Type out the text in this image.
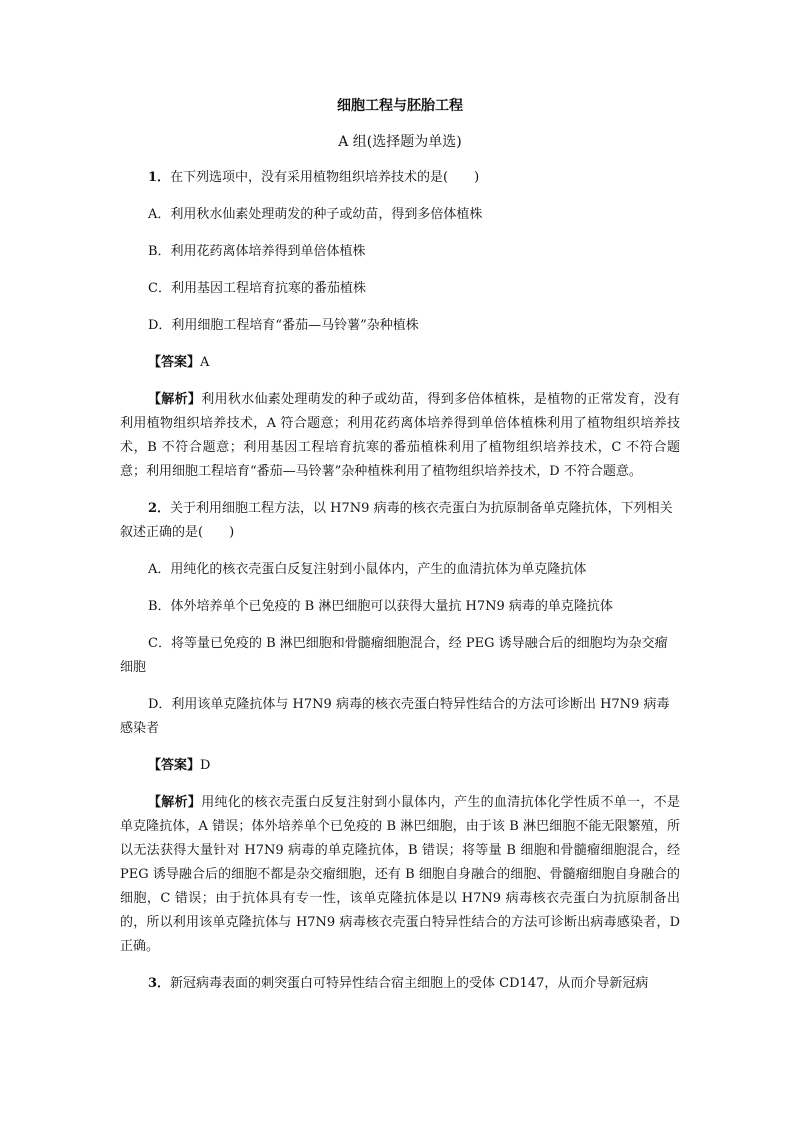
细胞工程与胚胎工程
A 组(选择题为单选)
1．在下列选项中，没有采用植物组织培养技术的是(　　)
A．利用秋水仙素处理萌发的种子或幼苗，得到多倍体植株
B．利用花药离体培养得到单倍体植株
C．利用基因工程培育抗寒的番茄植株
D．利用细胞工程培育“番茄—马铃薯”杂种植株
【答案】A
【解析】利用秋水仙素处理萌发的种子或幼苗，得到多倍体植株，是植物的正常发育，没有利用植物组织培养技术，A 符合题意；利用花药离体培养得到单倍体植株利用了植物组织培养技术，B 不符合题意；利用基因工程培育抗寒的番茄植株利用了植物组织培养技术，C 不符合题意；利用细胞工程培育“番茄—马铃薯”杂种植株利用了植物组织培养技术，D 不符合题意。
2．关于利用细胞工程方法，以 H7N9 病毒的核衣壳蛋白为抗原制备单克隆抗体，下列相关叙述正确的是(　　)
A．用纯化的核衣壳蛋白反复注射到小鼠体内，产生的血清抗体为单克隆抗体
B．体外培养单个已免疫的 B 淋巴细胞可以获得大量抗 H7N9 病毒的单克隆抗体
C．将等量已免疫的 B 淋巴细胞和骨髓瘤细胞混合，经 PEG 诱导融合后的细胞均为杂交瘤细胞
D．利用该单克隆抗体与 H7N9 病毒的核衣壳蛋白特异性结合的方法可诊断出 H7N9 病毒感染者
【答案】D
【解析】用纯化的核衣壳蛋白反复注射到小鼠体内，产生的血清抗体化学性质不单一，不是单克隆抗体，A 错误；体外培养单个已免疫的 B 淋巴细胞，由于该 B 淋巴细胞不能无限繁殖，所以无法获得大量针对 H7N9 病毒的单克隆抗体，B 错误；将等量 B 细胞和骨髓瘤细胞混合，经 PEG 诱导融合后的细胞不都是杂交瘤细胞，还有 B 细胞自身融合的细胞、骨髓瘤细胞自身融合的细胞，C 错误；由于抗体具有专一性，该单克隆抗体是以 H7N9 病毒核衣壳蛋白为抗原制备出的，所以利用该单克隆抗体与 H7N9 病毒核衣壳蛋白特异性结合的方法可诊断出病毒感染者，D 正确。
3．新冠病毒表面的刺突蛋白可特异性结合宿主细胞上的受体 CD147，从而介导新冠病
